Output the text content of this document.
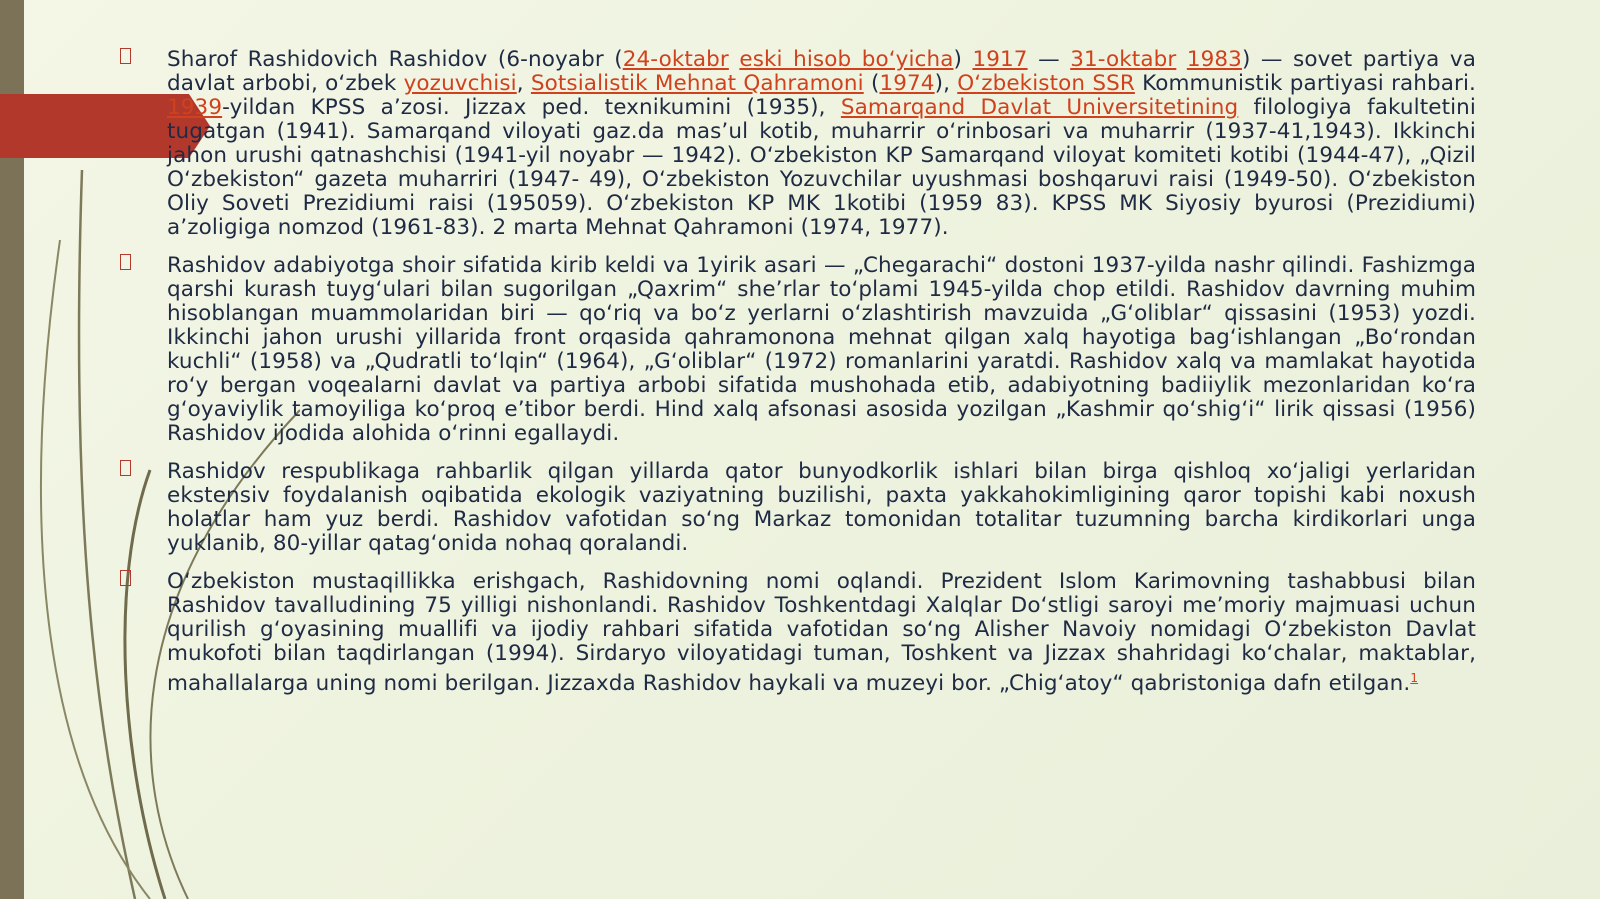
Sharof Rashidovich Rashidov (6-noyabr (24-oktabr eski hisob bo‘yicha) 1917 — 31-oktabr 1983) — sovet partiya va davlat arbobi, o‘zbek yozuvchisi, Sotsialistik Mehnat Qahramoni (1974), O‘zbekiston SSR Kommunistik partiyasi rahbari. 1939-yildan KPSS a’zosi. Jizzax ped. texnikumini (1935), Samarqand Davlat Universitetining filologiya fakultetini tugatgan (1941). Samarqand viloyati gaz.da mas’ul kotib, muharrir o‘rinbosari va muharrir (1937-41,1943). Ikkinchi jahon urushi qatnashchisi (1941-yil noyabr — 1942). O‘zbekiston KP Samarqand viloyat komiteti kotibi (1944-47), „Qizil O‘zbekiston“ gazeta muharriri (1947- 49), O‘zbekiston Yozuvchilar uyushmasi boshqaruvi raisi (1949-50). O‘zbekiston Oliy Soveti Prezidiumi raisi (195059). O‘zbekiston KP MK 1kotibi (1959 83). KPSS MK Siyosiy byurosi (Prezidiumi) a’zoligiga nomzod (1961-83). 2 marta Mehnat Qahramoni (1974, 1977).
Rashidov adabiyotga shoir sifatida kirib keldi va 1yirik asari — „Chegarachi“ dostoni 1937-yilda nashr qilindi. Fashizmga qarshi kurash tuyg‘ulari bilan sugorilgan „Qaxrim“ she’rlar to‘plami 1945-yilda chop etildi. Rashidov davrning muhim hisoblangan muammolaridan biri — qo‘riq va bo‘z yerlarni o‘zlashtirish mavzuida „G‘oliblar“ qissasini (1953) yozdi. Ikkinchi jahon urushi yillarida front orqasida qahramonona mehnat qilgan xalq hayotiga bag‘ishlangan „Bo‘rondan kuchli“ (1958) va „Qudratli to‘lqin“ (1964), „G‘oliblar“ (1972) romanlarini yaratdi. Rashidov xalq va mamlakat hayotida ro‘y bergan voqealarni davlat va partiya arbobi sifatida mushohada etib, adabiyotning badiiylik mezonlaridan ko‘ra g‘oyaviylik tamoyiliga ko‘proq e’tibor berdi. Hind xalq afsonasi asosida yozilgan „Kashmir qo‘shig‘i“ lirik qissasi (1956) Rashidov ijodida alohida o‘rinni egallaydi.
Rashidov respublikaga rahbarlik qilgan yillarda qator bunyodkorlik ishlari bilan birga qishloq xo‘jaligi yerlaridan ekstensiv foydalanish oqibatida ekologik vaziyatning buzilishi, paxta yakkahokimligining qaror topishi kabi noxush holatlar ham yuz berdi. Rashidov vafotidan so‘ng Markaz tomonidan totalitar tuzumning barcha kirdikorlari unga yuklanib, 80-yillar qatag‘onida nohaq qoralandi.
O‘zbekiston mustaqillikka erishgach, Rashidovning nomi oqlandi. Prezident Islom Karimovning tashabbusi bilan Rashidov tavalludining 75 yilligi nishonlandi. Rashidov Toshkentdagi Xalqlar Do‘stligi saroyi me’moriy majmuasi uchun qurilish g‘oyasining muallifi va ijodiy rahbari sifatida vafotidan so‘ng Alisher Navoiy nomidagi O‘zbekiston Davlat mukofoti bilan taqdirlangan (1994). Sirdaryo viloyatidagi tuman, Toshkent va Jizzax shahridagi ko‘chalar, maktablar, mahallalarga uning nomi berilgan. Jizzaxda Rashidov haykali va muzeyi bor. „Chig‘atoy“ qabristoniga dafn etilgan.$^1$
